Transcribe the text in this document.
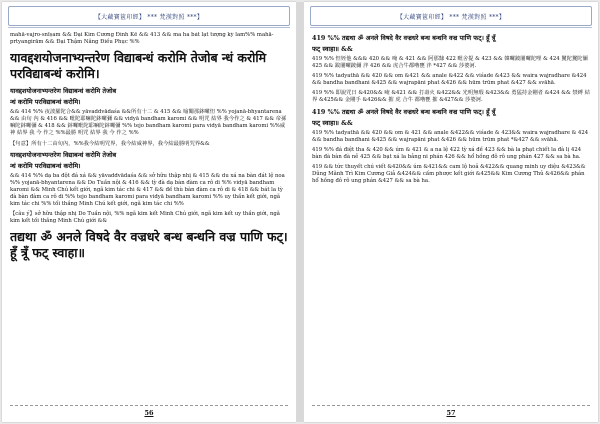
【大藏寶篋印經】 *** 梵漢對照 ***】

mahā-vajro-snīṣam && Đại Kim Cương Đỉnh Kế && 413 && ma ha bát lạt tượng kỳ lam%% mahā-prtyangirām && Đại Thậm Năng Điều Phục %%

यावद्दशयोजनाभ्यन्तरेण विद्याबन्धं करोमि तेजोब न्धं करोमि परविद्याबन्धं करोमि।

यावद्दशयोजनाभ्यन्तरेण विद्याबन्धं करोमि तेजोब

न्धं करोमि परविद्याबन्धं करोमि।

&& 414 %% 夜波羅陀合&& yāvaddvādaśa &&所有十二 & 415 && 喻闡那鉢囉怛 %% yojanā-bhyantarena && 由旬 內 & 416 && 毗陀耶嘛陀鉢囉彌 && vidyā bandham karomi && 明咒 結界 我今作之 & 417 && 帝孫嘛陀鉢囉彌 & 418 && 鉢囉毗陀耶嘛陀鉢囉彌 %% tejo bandham karomi para vidyā bandham karomi %%威神 結界 我 今 作之 %%最勝 明咒 結界 我 今 作之 %%

【句意】所有十二由旬內，%%我今結明咒界，我今結威神界，我今結最勝明咒界&&

यावद्दशयोजनाभ्यन्तरेण विद्याबन्धं करोमि तेजोब

न्धं करोमि परविद्याबन्धं करोमि।

&& 414 %% dạ ba đột đá xá && yāvaddvādaśa && sở hữu thập nhị & 415 && du xá na bàn đát lệ noa %% yojanā-bhyantarena && Do Tuần nội & 416 && tỳ đà dạ bàn đàm ca rô di %% vidyā bandham karomi && Minh Chú kết giới, ngã kim tác chi & 417 && đế thù bàn đàm ca rô di & 418 && bát la tỳ đà bàn đàm ca rô di %% tejo bandham karomi para vidyā bandham karomi %% uy thần kết giới, ngã kim tác chi %% tối thắng Minh Chú kết giới, ngã kim tác chi %%

【câu ý】sở hữu thập nhị Do Tuần nội, %% ngã kim kết Minh Chú giới, ngã kim kết uy thần giới, ngã kim kết tối thắng Minh Chú giới &&

तद्यथा ॐ अनले विषदे वैर वज्रधरे बन्ध बन्धनि वज्र पाणि फट्। हूँ त्रूँ फट् स्वाहा॥

56
【大藏寶篋印經】 *** 梵漢對照 ***】

419 %% तद्यथा ॐ अनले विषदे वैर वज्रधरे बन्ध बन्धनि वज्र पाणि फट्। हूँ त्रूँ

फट् स्वाहा॥ &&

419 %% 怛姪他 &&& 420 && 唵 & 421 && 阿那隸 422 毗舍提 & 423 && 韓囉跛闍囉陀哩 & 424 鬘陀鬘陀儞 425 && 跋闍囉跛儞 泮 426 && 虎合牛都嚕甕 泮 *427 && 莎婆訶.

419 %% tadyathā && 420 && om &421 && anale &422 && viśade &423 && waira wajradhare &424 && bandha bandhani &425 && wajrapāni phat &426 && hūm trūm phat &427 && svāhā.

419 %% 即說咒曰 &420&& 唵 &421 && 打壽火 &422&& 光明無瑕 &423&& 勇猛持金剛者 &424 && 禁縛 結界 &425&& 金剛手 &426&& 摧 虎 合牛 都嚕甕 摧 &427&& 莎婆訶.

419 %% तद्यथा ॐ अनले विषदे वैर वज्रधरे बन्ध बन्धनि वज्र पाणि फट्। हूँ त्रूँ

फट् स्वाहा॥ &&

419 %% tadyathā && 420 && om & 421 && anale &422&& viśade & 423&& waira wajradhare & 424 && bandha bandhani &425 && wajrapāni phat &426 && hūm trūm phat *&427 && svāhā.

419 %% đá điệt tha & 420 && úm & 421 & a na lệ 422 tỳ xá đề 423 && bà la phạt chiết la đà lị 424 bàn đà bàn đà nễ 425 && bạt xá la bảng ni phán 426 && hổ hồng đô rô ung phán 427 && sa bà ha.

419 && tức thuyết chú viết &420&& úm &421&& cam lộ hoả &422&& quang minh uy diệu &423&& Dũng Mãnh Trì Kim Cương Giả &424&& cấm phược kết giới &425&& Kim Cương Thủ &426&& phán hổ hồng đô rô ung phán &427 && sa bà ha.

57
